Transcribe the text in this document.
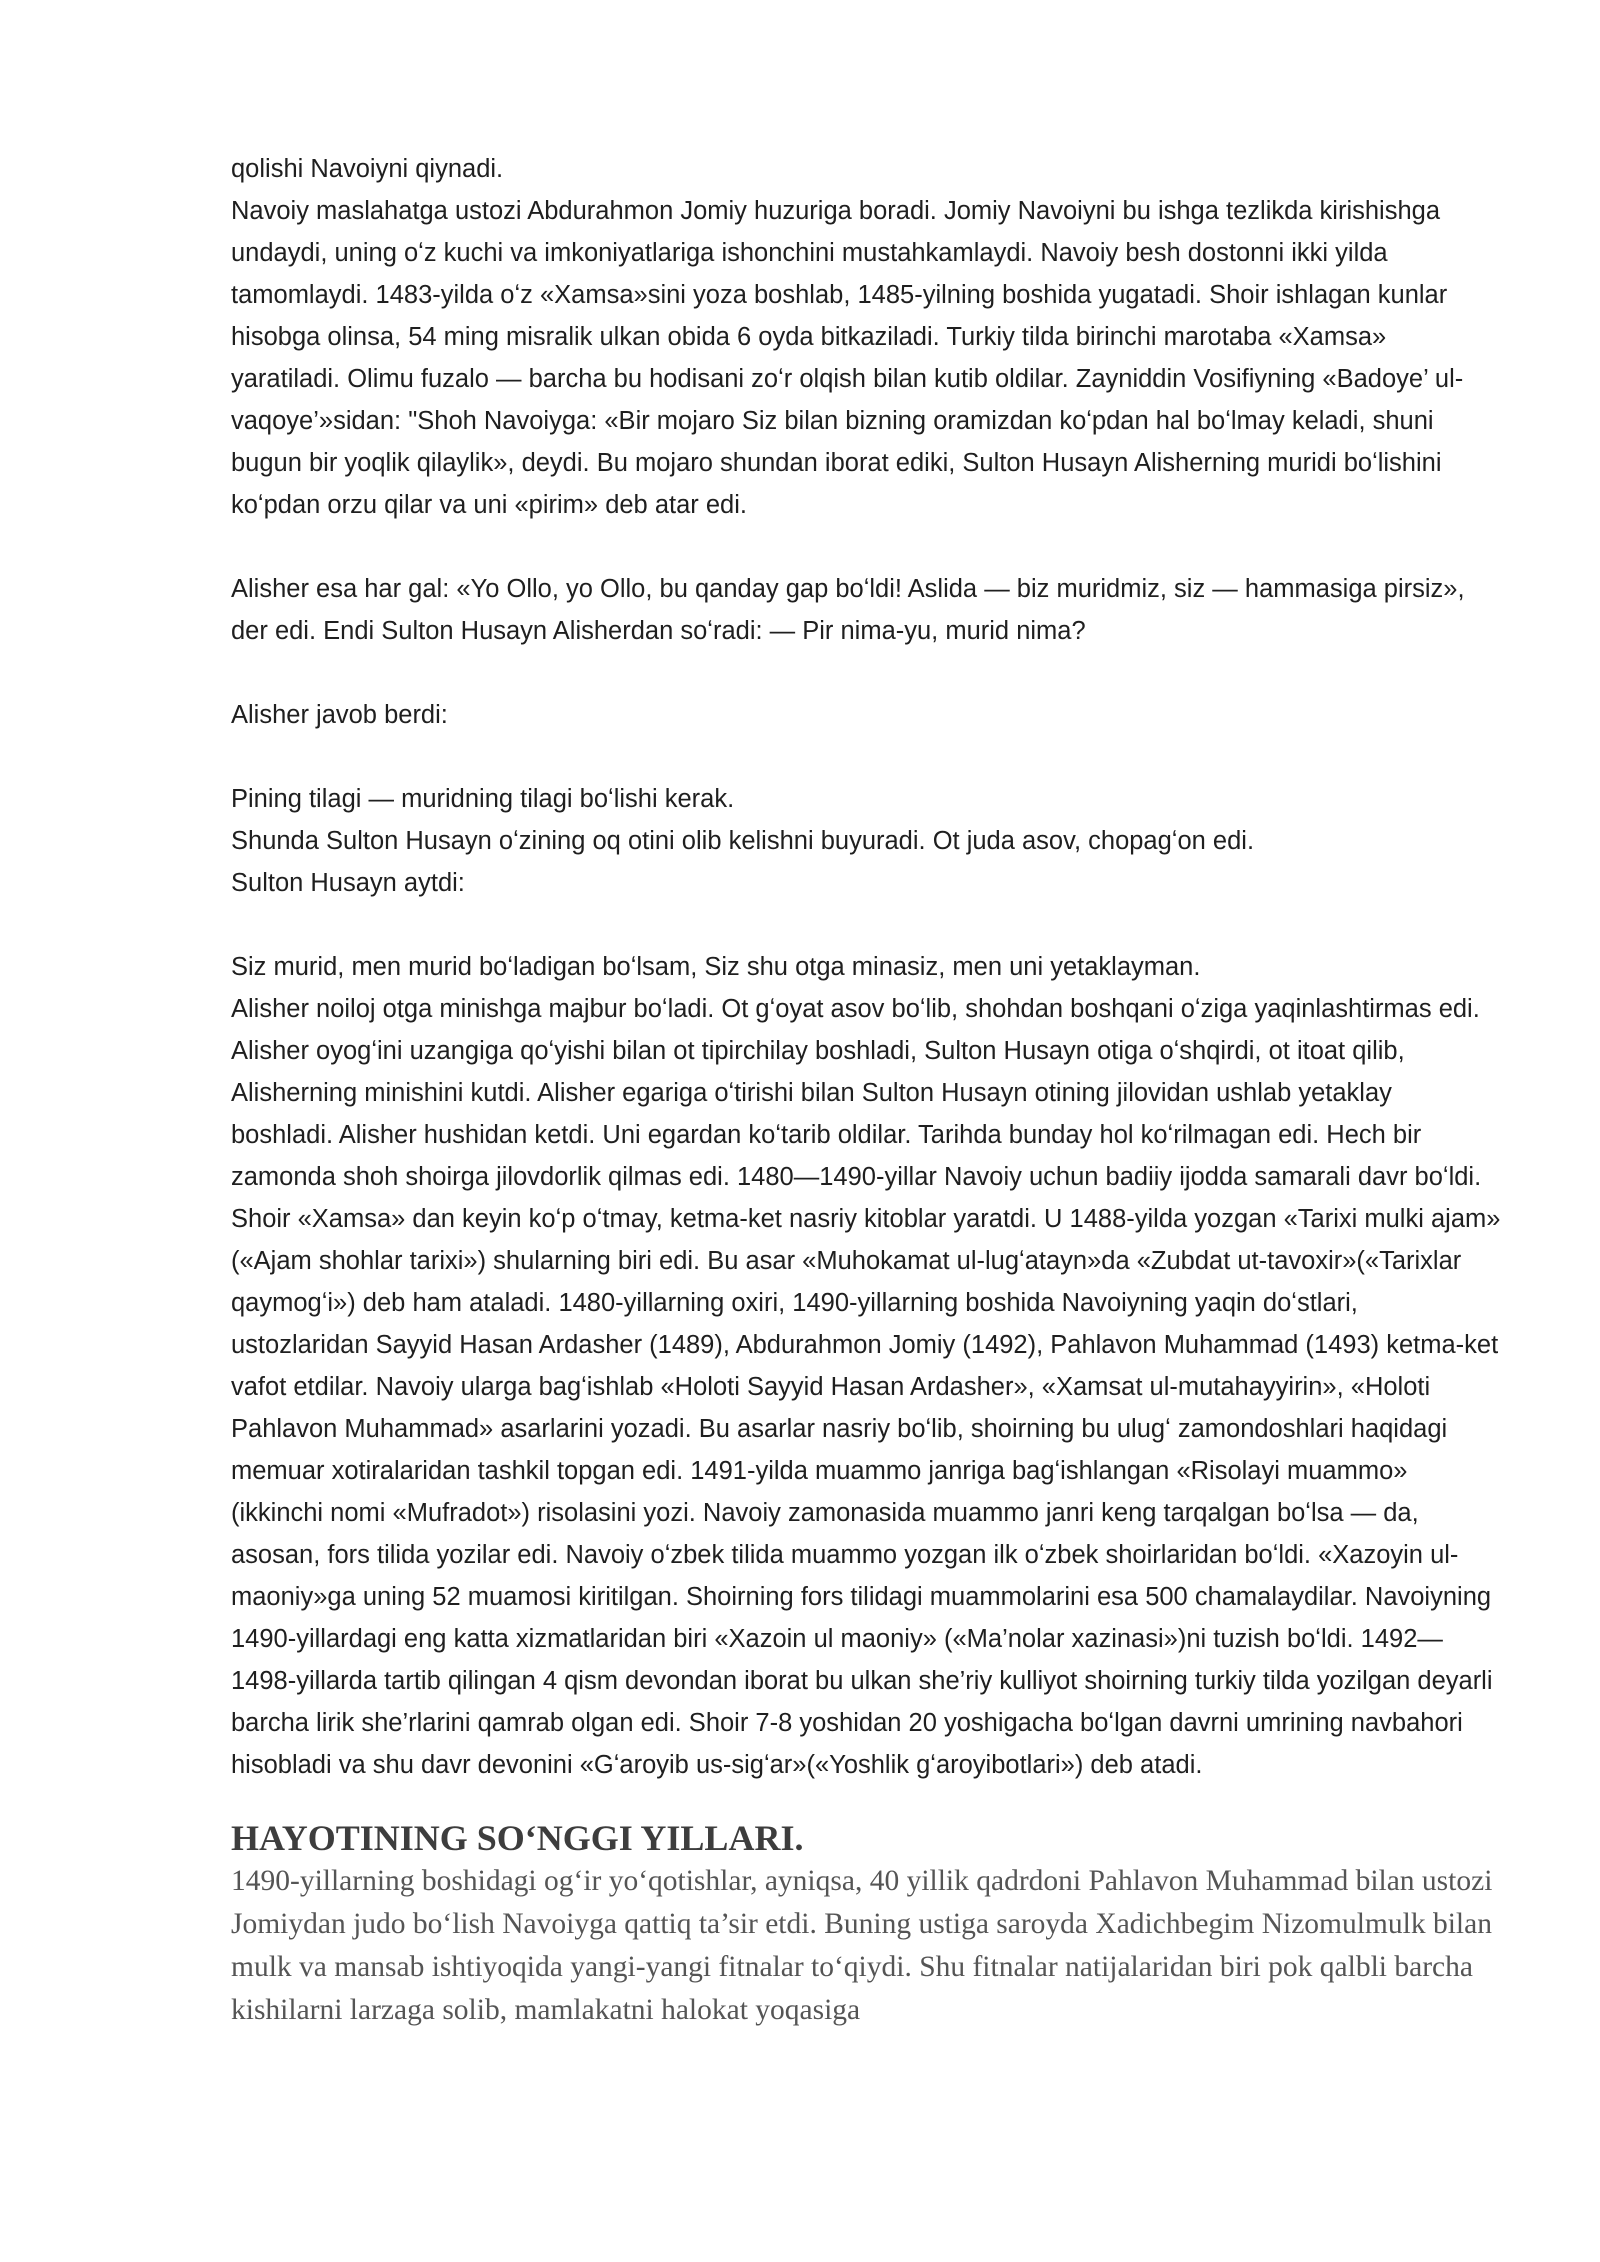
qolishi Navoiyni qiynadi.

Navoiy maslahatga ustozi Abdurahmon Jomiy huzuriga boradi. Jomiy Navoiyni bu ishga tezlikda kirishishga undaydi, uning oʻz kuchi va imkoniyatlariga ishonchini mustahkamlaydi. Navoiy besh dostonni ikki yilda tamomlaydi. 1483-yilda oʻz «Xamsa»sini yoza boshlab, 1485-yilning boshida yugatadi. Shoir ishlagan kunlar hisobga olinsa, 54 ming misralik ulkan obida 6 oyda bitkaziladi. Turkiy tilda birinchi marotaba «Xamsa» yaratiladi. Olimu fuzalo — barcha bu hodisani zoʻr olqish bilan kutib oldilar. Zayniddin Vosifiyning «Badoye’ ul-vaqoye’»sidan: "Shoh Navoiyga: «Bir mojaro Siz bilan bizning oramizdan koʻpdan hal boʻlmay keladi, shuni bugun bir yoqlik qilaylik», deydi. Bu mojaro shundan iborat ediki, Sulton Husayn Alisherning muridi boʻlishini koʻpdan orzu qilar va uni «pirim» deb atar edi.

Alisher esa har gal: «Yo Ollo, yo Ollo, bu qanday gap boʻldi! Aslida — biz muridmiz, siz — hammasiga pirsiz», der edi. Endi Sulton Husayn Alisherdan soʻradi: — Pir nima-yu, murid nima?

Alisher javob berdi:

Pining tilagi — muridning tilagi boʻlishi kerak.

Shunda Sulton Husayn oʻzining oq otini olib kelishni buyuradi. Ot juda asov, chopagʻon edi.

Sulton Husayn aytdi:

Siz murid, men murid boʻladigan boʻlsam, Siz shu otga minasiz, men uni yetaklayman.

Alisher noiloj otga minishga majbur boʻladi. Ot gʻoyat asov boʻlib, shohdan boshqani oʻziga yaqinlashtirmas edi. Alisher oyogʻini uzangiga qoʻyishi bilan ot tipirchilay boshladi, Sulton Husayn otiga oʻshqirdi, ot itoat qilib, Alisherning minishini kutdi. Alisher egariga oʻtirishi bilan Sulton Husayn otining jilovidan ushlab yetaklay boshladi. Alisher hushidan ketdi. Uni egardan koʻtarib oldilar. Tarihda bunday hol koʻrilmagan edi. Hech bir zamonda shoh shoirga jilovdorlik qilmas edi. 1480—1490-yillar Navoiy uchun badiiy ijodda samarali davr boʻldi. Shoir «Xamsa» dan keyin koʻp oʻtmay, ketma-ket nasriy kitoblar yaratdi. U 1488-yilda yozgan «Tarixi mulki ajam» («Ajam shohlar tarixi») shularning biri edi. Bu asar «Muhokamat ul-lugʻatayn»da «Zubdat ut-tavoxir»(«Tarixlar qaymogʻi») deb ham ataladi. 1480-yillarning oxiri, 1490-yillarning boshida Navoiyning yaqin doʻstlari, ustozlaridan Sayyid Hasan Ardasher (1489), Abdurahmon Jomiy (1492), Pahlavon Muhammad (1493) ketma-ket vafot etdilar. Navoiy ularga bagʻishlab «Holoti Sayyid Hasan Ardasher», «Xamsat ul-mutahayyirin», «Holoti Pahlavon Muhammad» asarlarini yozadi. Bu asarlar nasriy boʻlib, shoirning bu ulugʻ zamondoshlari haqidagi memuar xotiralaridan tashkil topgan edi. 1491-yilda muammo janriga bagʻishlangan «Risolayi muammo» (ikkinchi nomi «Mufradot») risolasini yozi. Navoiy zamonasida muammo janri keng tarqalgan boʻlsa — da, asosan, fors tilida yozilar edi. Navoiy oʻzbek tilida muammo yozgan ilk oʻzbek shoirlaridan boʻldi. «Xazoyin ul-maoniy»ga uning 52 muamosi kiritilgan. Shoirning fors tilidagi muammolarini esa 500 chamalaydilar. Navoiyning 1490-yillardagi eng katta xizmatlaridan biri «Xazoin ul maoniy» («Ma’nolar xazinasi»)ni tuzish boʻldi. 1492—1498-yillarda tartib qilingan 4 qism devondan iborat bu ulkan she’riy kulliyot shoirning turkiy tilda yozilgan deyarli barcha lirik she’rlarini qamrab olgan edi. Shoir 7-8 yoshidan 20 yoshigacha boʻlgan davrni umrining navbahori hisobladi va shu davr devonini «Gʻaroyib us-sigʻar»(«Yoshlik gʻaroyibotlari») deb atadi.

HAYOTINING SOʻNGGI YILLARI.

1490-yillarning boshidagi ogʻir yoʻqotishlar, ayniqsa, 40 yillik qadrdoni Pahlavon Muhammad bilan ustozi Jomiydan judo boʻlish Navoiyga qattiq ta’sir etdi. Buning ustiga saroyda Xadichbegim Nizomulmulk bilan mulk va mansab ishtiyoqida yangi-yangi fitnalar toʻqiydi. Shu fitnalar natijalaridan biri pok qalbli barcha kishilarni larzaga solib, mamlakatni halokat yoqasiga
